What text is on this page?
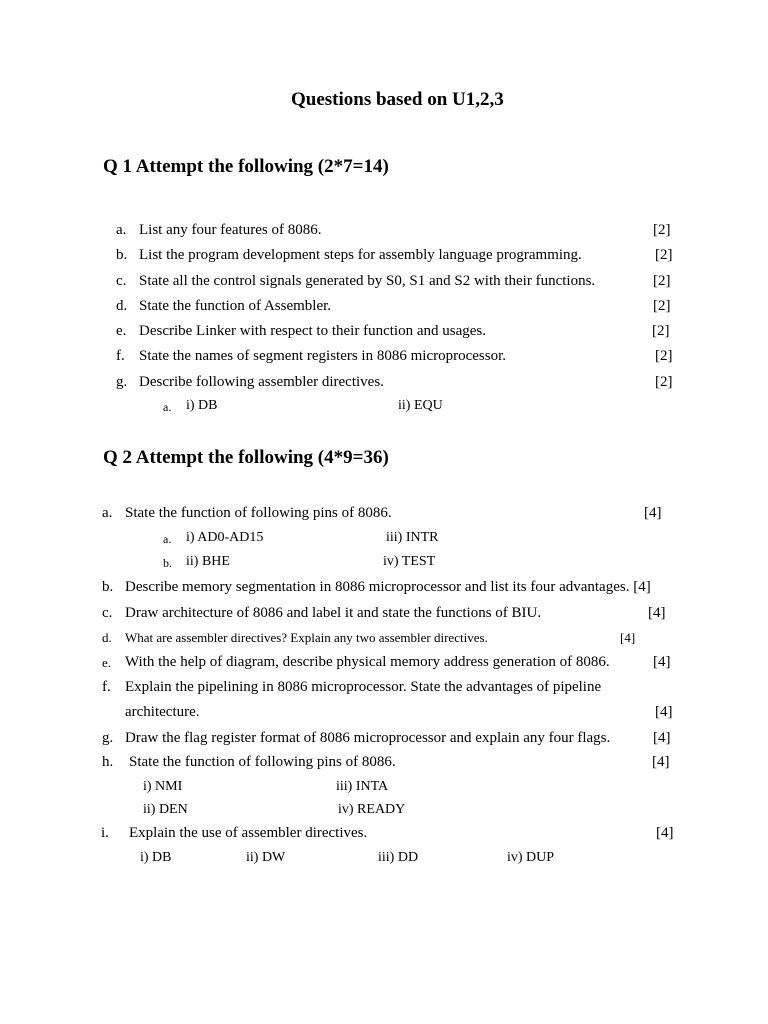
Questions based on U1,2,3
Q 1 Attempt the following (2*7=14)
a. List any four features of 8086.	[2]
b. List the program development steps for assembly language programming.	[2]
c. State all the control signals generated by S0, S1 and S2 with their functions.	[2]
d. State the function of Assembler.	[2]
e. Describe Linker with respect to their function and usages.	[2]
f. State the names of segment registers in 8086 microprocessor.	[2]
g. Describe following assembler directives.	[2]
a. i) DB	ii) EQU
Q 2 Attempt the following (4*9=36)
a. State the function of following pins of 8086.	[4]
a. i) AD0-AD15	iii) INTR
b. ii) BHE	iv) TEST
b. Describe memory segmentation in 8086 microprocessor and list its four advantages. [4]
c. Draw architecture of 8086 and label it and state the functions of BIU.	[4]
d. What are assembler directives? Explain any two assembler directives.	[4]
e. With the help of diagram, describe physical memory address generation of 8086.	[4]
f. Explain the pipelining in 8086 microprocessor. State the advantages of pipeline
architecture.	[4]
g. Draw the flag register format of 8086 microprocessor and explain any four flags.	[4]
h. State the function of following pins of 8086.	[4]
i) NMI	iii) INTA
ii) DEN	iv) READY
i. Explain the use of assembler directives.	[4]
i) DB	ii) DW	iii) DD	iv) DUP
